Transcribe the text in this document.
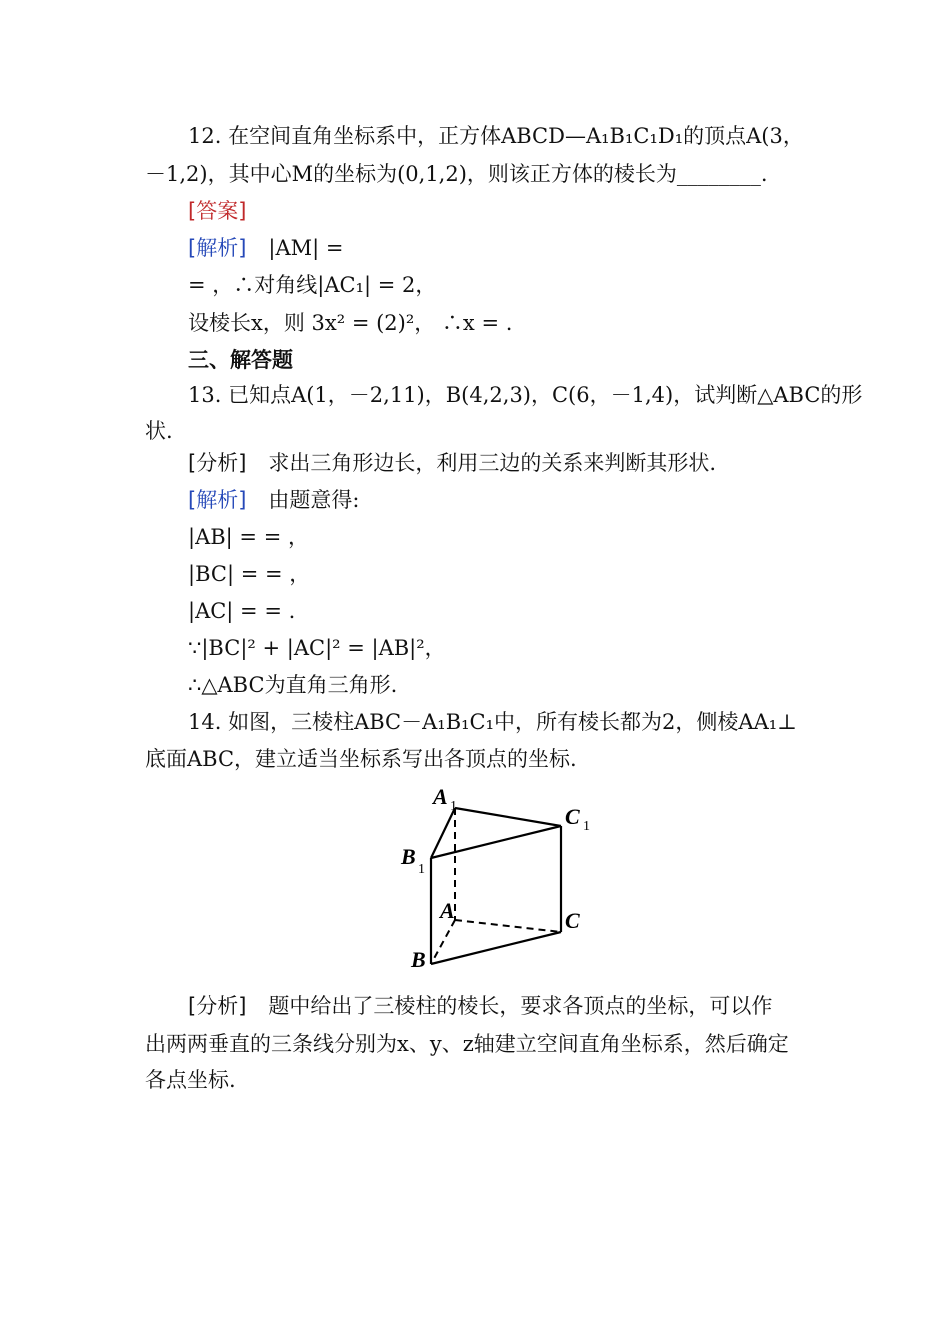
12. 在空间直角坐标系中，正方体ABCD—A₁B₁C₁D₁的顶点A(3，
－1,2)，其中心M的坐标为(0,1,2)，则该正方体的棱长为________.
[答案]
[解析] |AM| =
= ，∴对角线|AC₁| = 2，
设棱长x，则 3x² = (2)²， ∴x = .
三、解答题
13. 已知点A(1，－2,11)，B(4,2,3)，C(6，－1,4)，试判断△ABC的形
状.
[分析] 求出三角形边长，利用三边的关系来判断其形状.
[解析] 由题意得:
|AB| = = ，
|BC| = = ，
|AC| = = .
∵|BC|² + |AC|² = |AB|²，
∴△ABC为直角三角形.
14. 如图，三棱柱ABC－A₁B₁C₁中，所有棱长都为2，侧棱AA₁⊥
底面ABC，建立适当坐标系写出各顶点的坐标.
A 1	C 1
B
1
A	C
B
[分析] 题中给出了三棱柱的棱长，要求各顶点的坐标，可以作
出两两垂直的三条线分别为x、y、z轴建立空间直角坐标系，然后确定
各点坐标.
